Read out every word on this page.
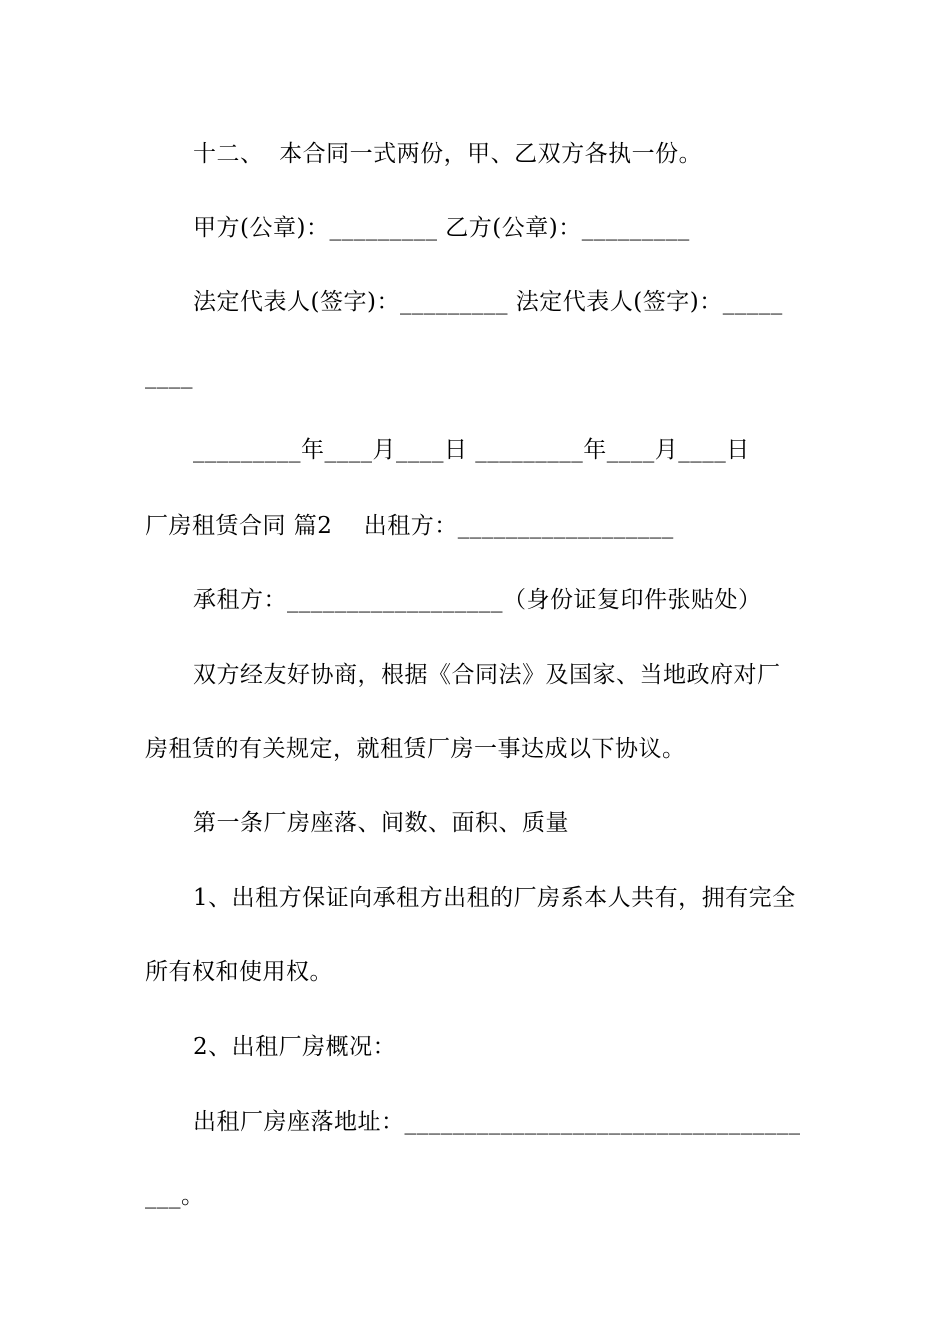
十二、  本合同一式两份，甲、乙双方各执一份。
甲方(公章)：_________ 乙方(公章)：_________
法定代表人(签字)：_________ 法定代表人(签字)：_____
____
_________年____月____日 _________年____月____日
厂房租赁合同 篇2    出租方：__________________
承租方：__________________（身份证复印件张贴处）
双方经友好协商，根据《合同法》及国家、当地政府对厂
房租赁的有关规定，就租赁厂房一事达成以下协议。
第一条厂房座落、间数、面积、质量
1、出租方保证向承租方出租的厂房系本人共有，拥有完全
所有权和使用权。
2、出租厂房概况：
出租厂房座落地址：_________________________________
___。
